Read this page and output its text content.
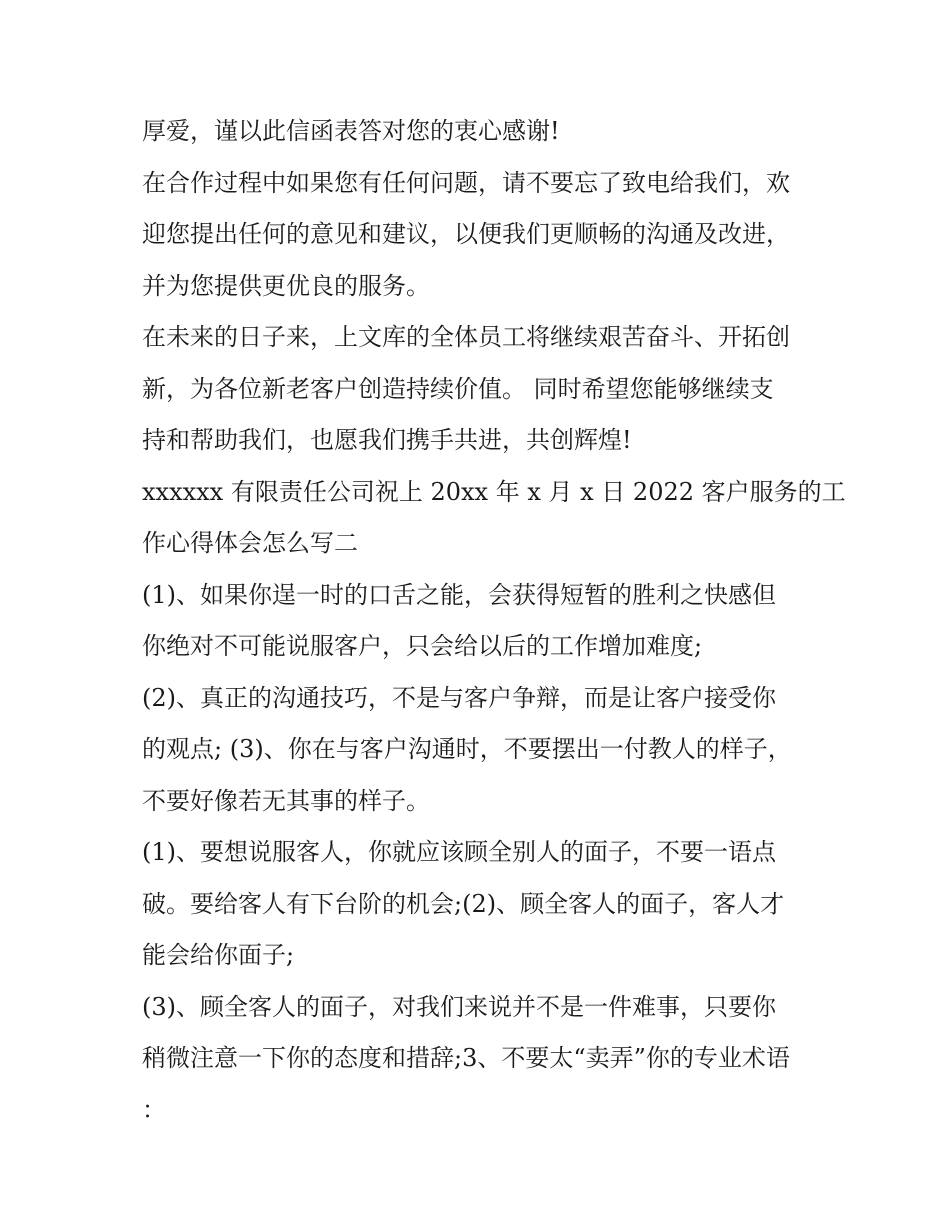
厚爱，谨以此信函表答对您的衷心感谢!
在合作过程中如果您有任何问题，请不要忘了致电给我们，欢
迎您提出任何的意见和建议，以便我们更顺畅的沟通及改进，
并为您提供更优良的服务。
在未来的日子来，上文库的全体员工将继续艰苦奋斗、开拓创
新，为各位新老客户创造持续价值。 同时希望您能够继续支
持和帮助我们，也愿我们携手共进，共创辉煌!
xxxxxx 有限责任公司祝上 20xx 年 x 月 x 日 2022 客户服务的工
作心得体会怎么写二
(1)、如果你逞一时的口舌之能，会获得短暂的胜利之快感但
你绝对不可能说服客户，只会给以后的工作增加难度;
(2)、真正的沟通技巧，不是与客户争辩，而是让客户接受你
的观点; (3)、你在与客户沟通时，不要摆出一付教人的样子，
不要好像若无其事的样子。
(1)、要想说服客人，你就应该顾全别人的面子，不要一语点
破。要给客人有下台阶的机会;(2)、顾全客人的面子，客人才
能会给你面子;
(3)、顾全客人的面子，对我们来说并不是一件难事，只要你
稍微注意一下你的态度和措辞;3、不要太“卖弄”你的专业术语
：
